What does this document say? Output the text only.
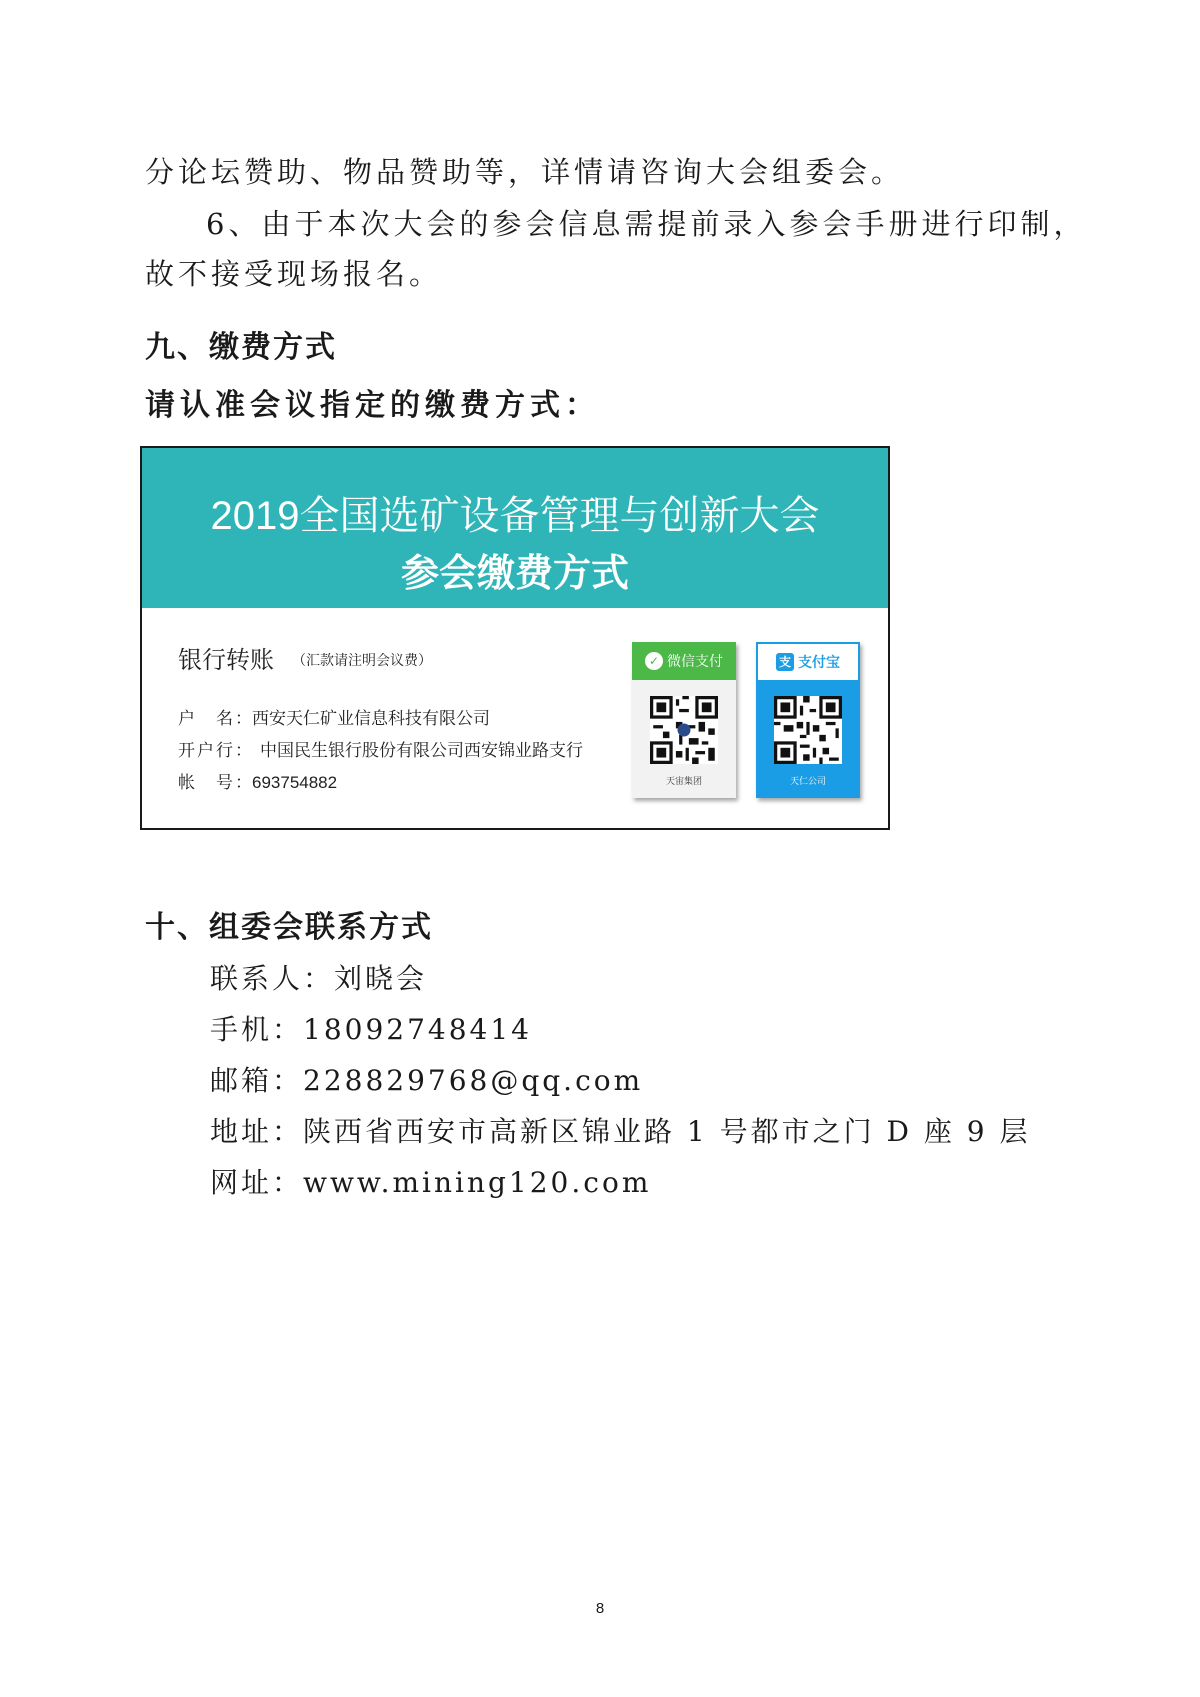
分论坛赞助、物品赞助等，详情请咨询大会组委会。
6、由于本次大会的参会信息需提前录入参会手册进行印制，
故不接受现场报名。
九、缴费方式
请认准会议指定的缴费方式：
2019全国选矿设备管理与创新大会
参会缴费方式
银行转账 （汇款请注明会议费）
户　名：西安天仁矿业信息科技有限公司
开户行： 中国民生银行股份有限公司西安锦业路支行
帐　号：693754882
✓ 微信支付
天宙集团
支 支付宝
天仁公司
十、组委会联系方式
联系人：刘晓会
手机：18092748414
邮箱：228829768@qq.com
地址：陕西省西安市高新区锦业路 1 号都市之门 D 座 9 层
网址：www.mining120.com
8
